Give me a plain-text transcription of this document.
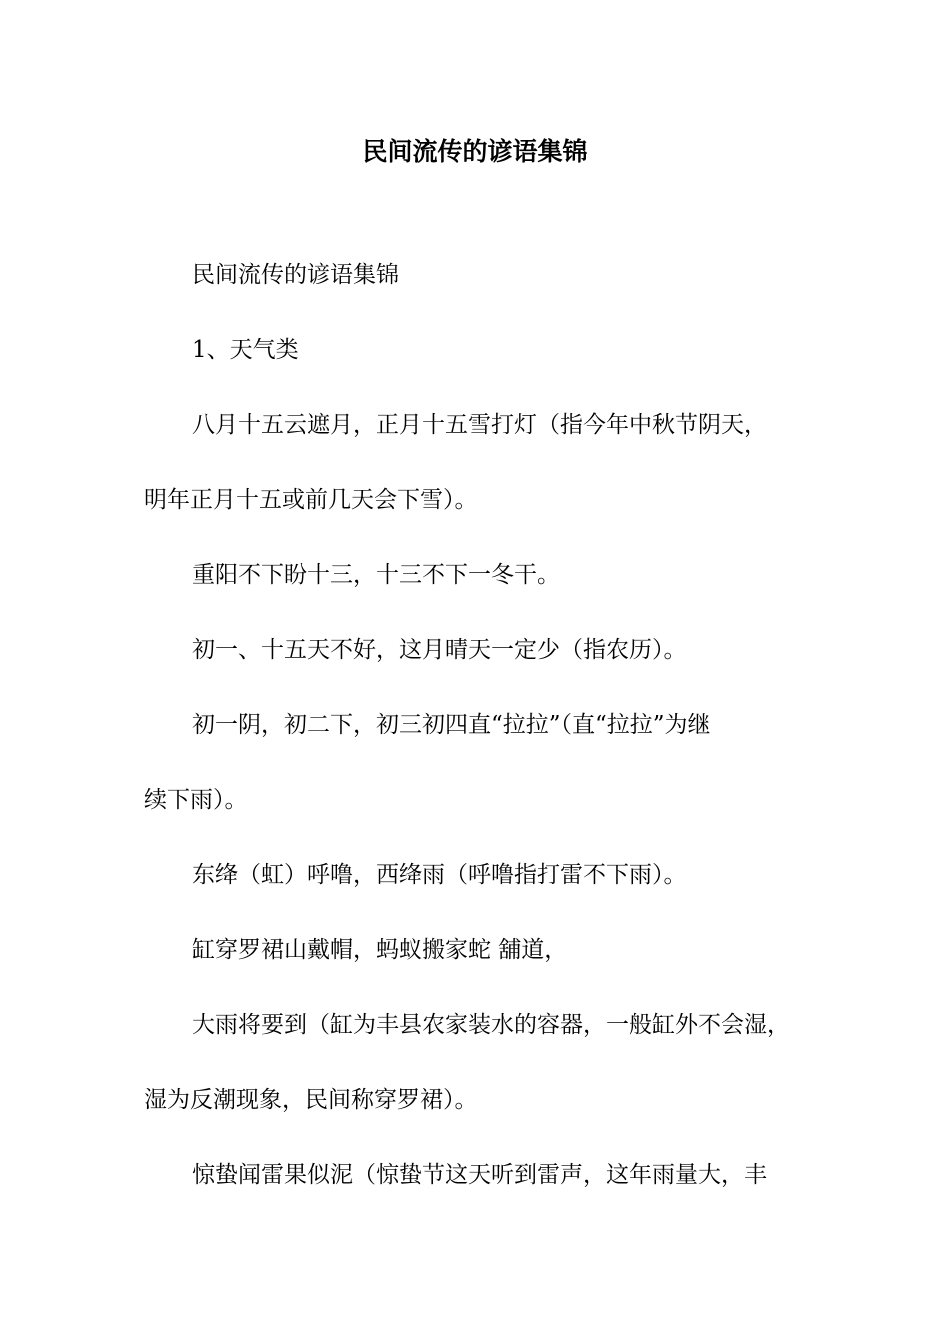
民间流传的谚语集锦

民间流传的谚语集锦

1、天气类

八月十五云遮月，正月十五雪打灯（指今年中秋节阴天，
明年正月十五或前几天会下雪）。

重阳不下盼十三，十三不下一冬干。

初一、十五天不好，这月晴天一定少（指农历）。

初一阴，初二下，初三初四直“拉拉”（直“拉拉”为继
续下雨）。

东绛（虹）呼噜，西绛雨（呼噜指打雷不下雨）。

缸穿罗裙山戴帽，蚂蚁搬家蛇 舖道，

大雨将要到（缸为丰县农家装水的容器，一般缸外不会湿，
湿为反潮现象，民间称穿罗裙）。

惊蛰闻雷果似泥（惊蛰节这天听到雷声，这年雨量大，丰
